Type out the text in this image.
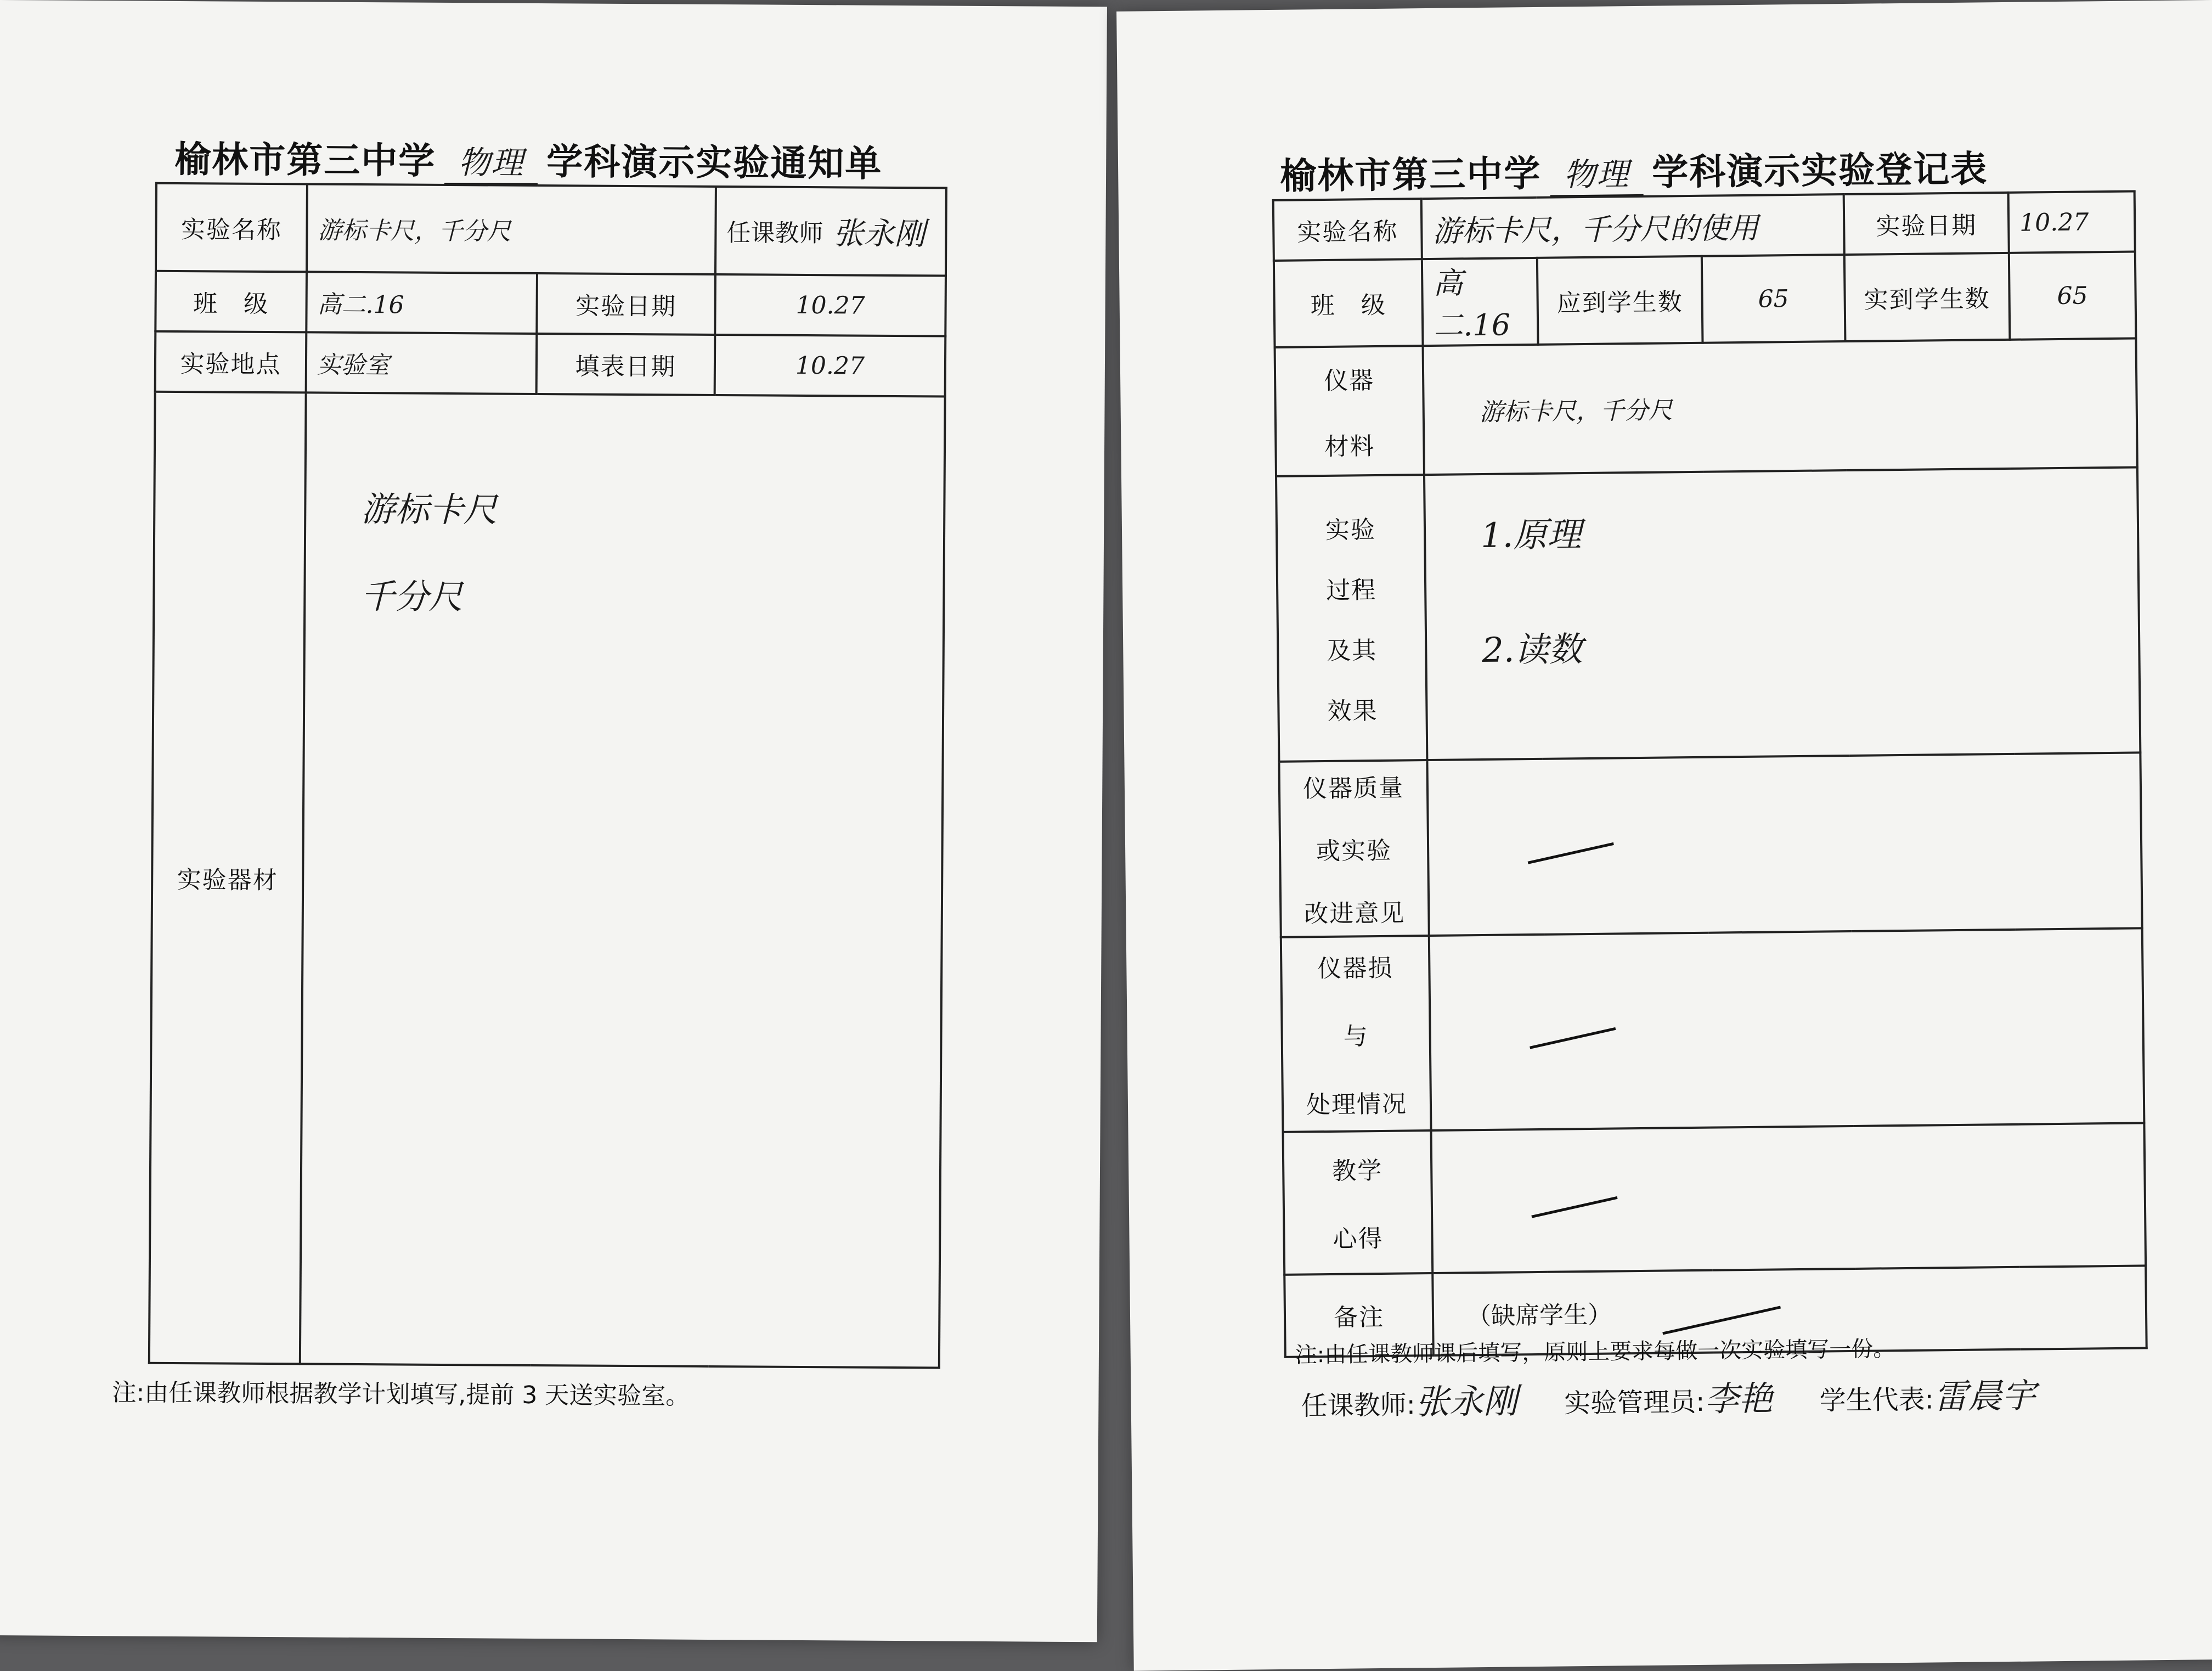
榆林市第三中学 物理 学科演示实验通知单
实验名称	游标卡尺，千分尺		任课教师 张永刚

班　级	高二.16	实验日期	10.27
实验地点	实验室	填表日期	10.27
实验器材	游标卡尺
千分尺		
注:由任课教师根据教学计划填写,提前 3 天送实验室。
榆林市第三中学 物理 学科演示实验登记表
实验名称	游标卡尺，千分尺的使用			实验日期	10.27
班　级	高二.16	应到学生数	65	实到学生数	65

仪器
材料	游标卡尺，千分尺				

实验
过程
及其
效果	1.原理
2.读数				

仪器质量
或实验
改进意见					

仪器损
与
处理情况					

教学
心得					

备注	（缺席学生）				
注:由任课教师课后填写，原则上要求每做一次实验填写一份。
任课教师:张永刚 实验管理员:李艳 学生代表:雷晨宇
